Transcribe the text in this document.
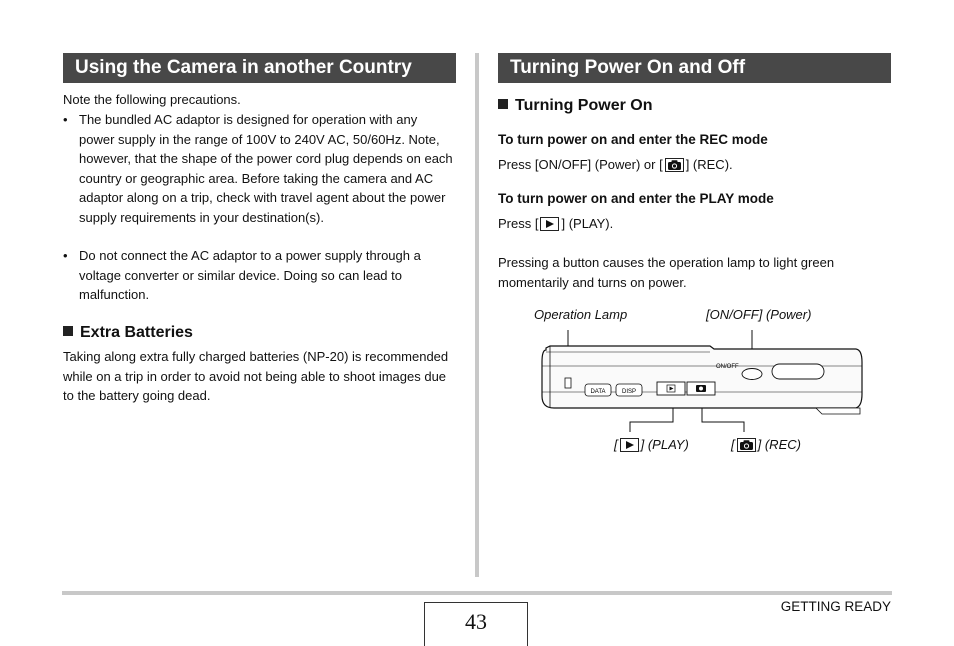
Using the Camera in another Country
Note the following precautions.
• The bundled AC adaptor is designed for operation with any power supply in the range of 100V to 240V AC, 50/60Hz. Note, however, that the shape of the power cord plug depends on each country or geographic area. Before taking the camera and AC adaptor along on a trip, check with travel agent about the power supply requirements in your destination(s).
• Do not connect the AC adaptor to a power supply through a voltage converter or similar device. Doing so can lead to malfunction.
Extra Batteries
Taking along extra fully charged batteries (NP-20) is recommended while on a trip in order to avoid not being able to shoot images due to the battery going dead.
Turning Power On and Off
Turning Power On
To turn power on and enter the REC mode
Press [ON/OFF] (Power) or [ ] (REC).
To turn power on and enter the PLAY mode
Press [ ] (PLAY).
Pressing a button causes the operation lamp to light green momentarily and turns on power.
Operation Lamp	[ON/OFF] (Power)
DATA	DISP
ON/OFF
[ ] (PLAY)	[ ] (REC)
43
GETTING READY
